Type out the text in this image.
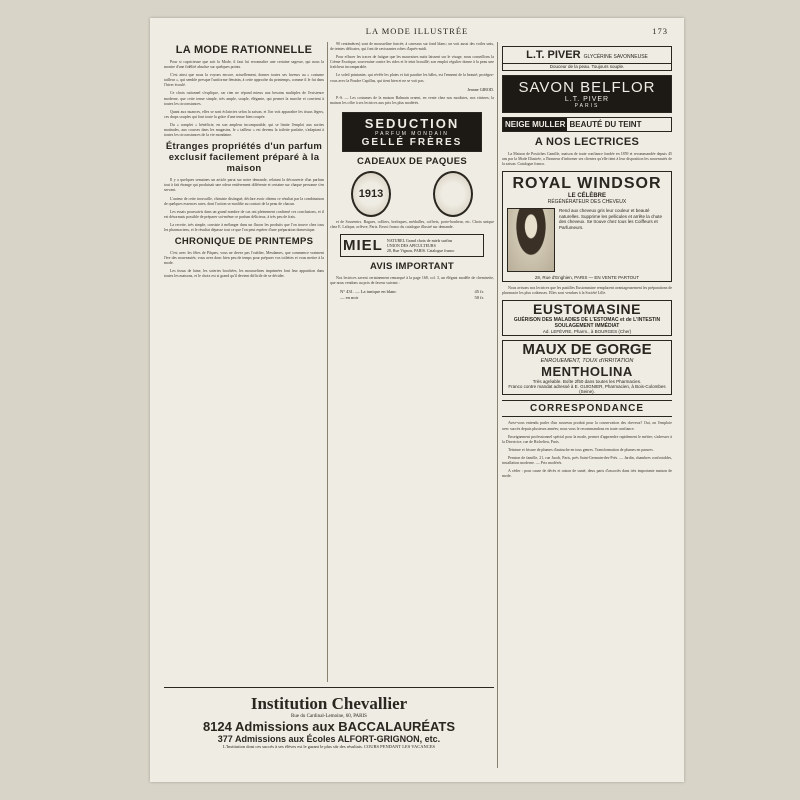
LA MODE ILLUSTRÉE	173
LA MODE RATIONNELLE

Pour si capricieuse que soit la Mode, il faut lui reconnaître une certaine sagesse, qui nous la montre d'une fidélité absolue sur quelques points.

C'est ainsi que nous la voyons encore, actuellement, donner toutes ses faveurs au « costume tailleur », qui semble presque l'uniforme féminin, à cette approche du printemps, comme il le fut dans l'hiver écoulé.

Ce choix rationnel s'explique, car rien ne répond mieux aux besoins multiples de l'existence moderne, que cette tenue simple, très ample, souple, élégante, qui permet la marche et convient à toutes les circonstances.

Quant aux nuances, elles se sont éclaircies selon la saison, et l'on voit apparaître les tissus légers, ces draps souples qui font toute la grâce d'une tenue bien coupée.

Du « complet » bénéficie, en son ampleur incomparable, qui se limite l'emploi aux sorties matinales, aux courses dans les magasins, le « tailleur » est devenu la toilette parfaite, s'adaptant à toutes les circonstances de la vie mondaine.

Étranges propriétés d'un parfum exclusif facilement préparé à la maison

Il y a quelques semaines un article parut sur notre demande, relatant la découverte d'un parfum tout à fait étrange qui produisait une odeur entièrement différente et certaine sur chaque personne s'en servant.

L'auteur de cette trouvaille, chimiste distingué, déclare avoir obtenu ce résultat par la combinaison de quelques essences rares, dont l'action se modifie au contact de la peau de chacun.

Les essais poursuivis dans un grand nombre de cas ont pleinement confirmé ces conclusions, et il est désormais possible de préparer soi-même ce parfum délicieux, à très peu de frais.

La recette, très simple, consiste à mélanger dans un flacon les produits que l'on trouve chez tous les pharmaciens, et le résultat dépasse tout ce que l'on peut espérer d'une préparation domestique.

CHRONIQUE DE PRINTEMPS

C'est avec les fêtes de Pâques, vous ne devez pas l'oublier, Mesdames, que commence vraiment l'ère des nouveautés; vous avez donc bien peu de temps pour préparer vos toilettes et vous mettre à la mode.

Les tissus de laine, les soieries brochées, les mousselines imprimées font leur apparition dans toutes les maisons, et le choix est si grand qu'il devient difficile de se décider.

90 centimètres) sont de mousseline foncée, à carreaux sur fond blanc; on voit aussi des voiles unis, de teintes délicates, qui font de ravissantes robes d'après-midi.

Pour effacer les traces de fatigue que les mauvaises nuits laissent sur le visage, nous conseillons la Crème Exotique, souveraine contre les rides et le teint brouillé; son emploi régulier donne à la peau une fraîcheur incomparable.

Le soleil printanier, qui révèle les plaies et fait paraître les hâles, est l'ennemi de la beauté; protégez-vous avec la Poudre Capillus, qui tient bien et ne se voit pas.

Jeanne GIROD.

P.-S. — Les costumes de la maison Balmain ornent, en vente chez nos modistes, nos vitrines; la maison les offre à ses lectrices aux prix les plus modérés.

SEDUCTION
PARFUM MONDAIN
GELLÉ FRÈRES
CADEAUX DE PAQUES
1913

et de Souvenirs. Bagues, colliers, breloques, médailles, coffrets, porte-bonheur, etc. Choix unique chez E. Lalique, orfèvre, Paris. Envoi franco du catalogue illustré sur demande.

MIEL NATUREL Grand choix de miels surfins
UNION DES APICULTEURS
28, Rue Vignon, PARIS. Catalogue franco
AVIS IMPORTANT

Nos lectrices savent certainement remarqué à la page 168, col. 3, un élégant modèle de chemisette, que nous vendons au prix de faveur suivant :

N° 431. — La tunique en blanc	45 fr.
— en noir	50 fr.
Institution Chevallier
Rue du Cardinal-Lemoine, 60, PARIS
8124 Admissions aux BACCALAURÉATS
377 Admissions aux Écoles ALFORT-GRIGNON, etc.
L'Institution dont ces succès à ses élèves est le garant le plus sûr des résultats. COURS PENDANT LES VACANCES
L.T. PIVER GLYCÉRINE SAVONNEUSE
Douceur de la peau. Toujours souple.
SAVON BELFLOR
L.T. PIVER
PARIS
NEIGE MULLER BEAUTÉ DU TEINT
A NOS LECTRICES

La Maison de Postiches Camille, maison de toute confiance fondée en 1859 et recommandée depuis 45 ans par la Mode Illustrée, a l'honneur d'informer ses clientes qu'elle tient à leur disposition les nouveautés de la saison. Catalogue franco.

ROYAL WINDSOR
LE CÉLÈBRE
RÉGÉNÉRATEUR DES CHEVEUX
Rend aux cheveux gris leur couleur et beauté naturelles. Supprime les pellicules et arrête la chute des cheveux. Se trouve chez tous les Coiffeurs et Parfumeurs.
28, Rue d'Enghien, PARIS — EN VENTE PARTOUT

Nous avisons nos lectrices que les pastilles Eustomasine remplacent avantageusement les préparations de pharmacie les plus coûteuses. Elles sont vendues à la Société Lille.

EUSTOMASINE
GUÉRISON DES MALADIES DE L'ESTOMAC et de L'INTESTIN
SOULAGEMENT IMMÉDIAT
Ad. LEFÈVRE, Pharm., à BOURGES (Cher)
MAUX DE GORGE
ENROUEMENT, TOUX d'IRRITATION
MENTHOLINA
Très agréable. Boîte 2f50 dans toutes les Pharmacies.
Franco contre mandat adressé à E. GUIGNIER, Pharmacien, à Bois-Colombes (Seine).
CORRESPONDANCE

Avez-vous entendu parler d'un nouveau produit pour la conservation des cheveux? Oui, on l'emploie avec succès depuis plusieurs années; nous vous le recommandons en toute confiance.

Enseignement professionnel spécial pour la mode, permet d'apprendre rapidement le métier; s'adresser à la Directrice, rue de Richelieu, Paris.

Teinture et frisure de plumes d'autruche en tous genres. Transformation de plumes en parures.

Pension de famille, 21, rue Jacob, Paris, près Saint-Germain-des-Prés. — Jardin, chambres confortables, installation moderne. — Prix modérés.

A céder : pour cause de décès et raison de santé, deux parts d'associés dans très importante maison de mode.
